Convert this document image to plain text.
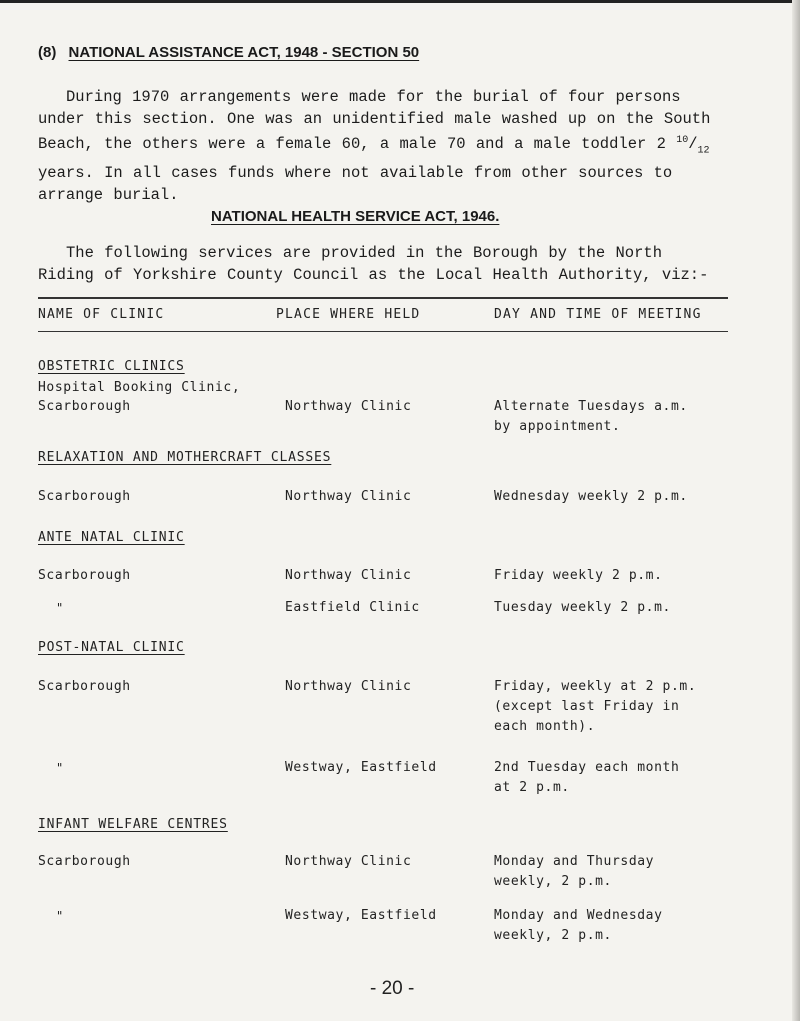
(8) NATIONAL ASSISTANCE ACT, 1948 - SECTION 50
During 1970 arrangements were made for the burial of four persons
under this section. One was an unidentified male washed up on the South
Beach, the others were a female 60, a male 70 and a male toddler 2 $^{10}/_{12}$
years. In all cases funds where not available from other sources to
arrange burial.
NATIONAL HEALTH SERVICE ACT, 1946.
The following services are provided in the Borough by the North
Riding of Yorkshire County Council as the Local Health Authority, viz:-
NAME OF CLINIC	PLACE WHERE HELD	DAY AND TIME OF MEETING
OBSTETRIC CLINICS
Hospital Booking Clinic,
Scarborough	Northway Clinic	Alternate Tuesdays a.m.
by appointment.
RELAXATION AND MOTHERCRAFT CLASSES
Scarborough	Northway Clinic	Wednesday weekly 2 p.m.
ANTE NATAL CLINIC
Scarborough	Northway Clinic	Friday weekly 2 p.m.
"	Eastfield Clinic	Tuesday weekly 2 p.m.
POST-NATAL CLINIC
Scarborough	Northway Clinic	Friday, weekly at 2 p.m.
(except last Friday in
each month).
"	Westway, Eastfield	2nd Tuesday each month
at 2 p.m.
INFANT WELFARE CENTRES
Scarborough	Northway Clinic	Monday and Thursday
weekly, 2 p.m.
"	Westway, Eastfield	Monday and Wednesday
weekly, 2 p.m.
- 20 -
